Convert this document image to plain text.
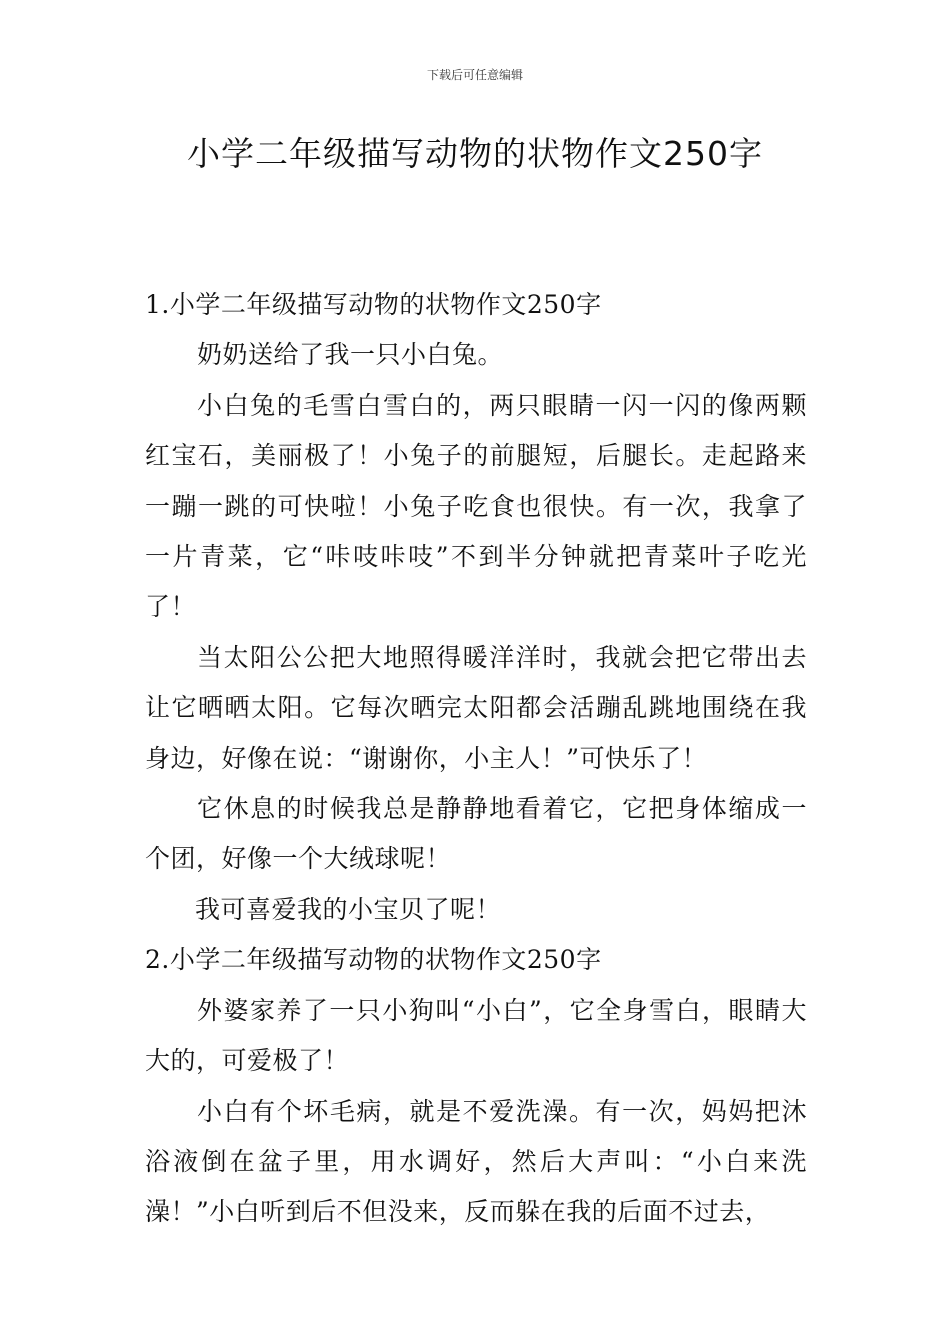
下载后可任意编辑
小学二年级描写动物的状物作文250字

1.小学二年级描写动物的状物作文250字

奶奶送给了我一只小白兔。

小白兔的毛雪白雪白的，两只眼睛一闪一闪的像两颗红宝石，美丽极了！小兔子的前腿短，后腿长。走起路来一蹦一跳的可快啦！小兔子吃食也很快。有一次，我拿了一片青菜，它“咔吱咔吱”不到半分钟就把青菜叶子吃光了！

当太阳公公把大地照得暖洋洋时，我就会把它带出去让它晒晒太阳。它每次晒完太阳都会活蹦乱跳地围绕在我身边，好像在说：“谢谢你，小主人！”可快乐了！

它休息的时候我总是静静地看着它，它把身体缩成一个团，好像一个大绒球呢！

我可喜爱我的小宝贝了呢！

2.小学二年级描写动物的状物作文250字

外婆家养了一只小狗叫“小白”，它全身雪白，眼睛大大的，可爱极了！

小白有个坏毛病，就是不爱洗澡。有一次，妈妈把沐浴液倒在盆子里，用水调好，然后大声叫：“小白来洗澡！”小白听到后不但没来，反而躲在我的后面不过去，
